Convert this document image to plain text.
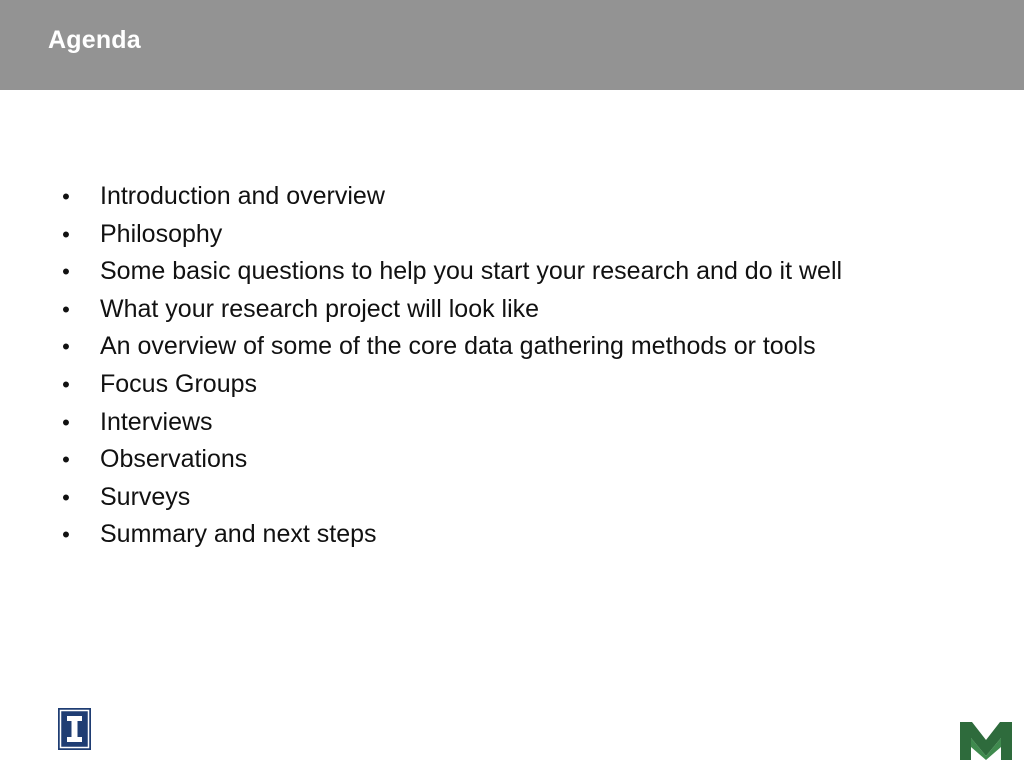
Agenda
• Introduction and overview
• Philosophy
• Some basic questions to help you start your research and do it well
• What your research project will look like
• An overview of some of the core data gathering methods or tools
• Focus Groups
• Interviews
• Observations
• Surveys
• Summary and next steps
